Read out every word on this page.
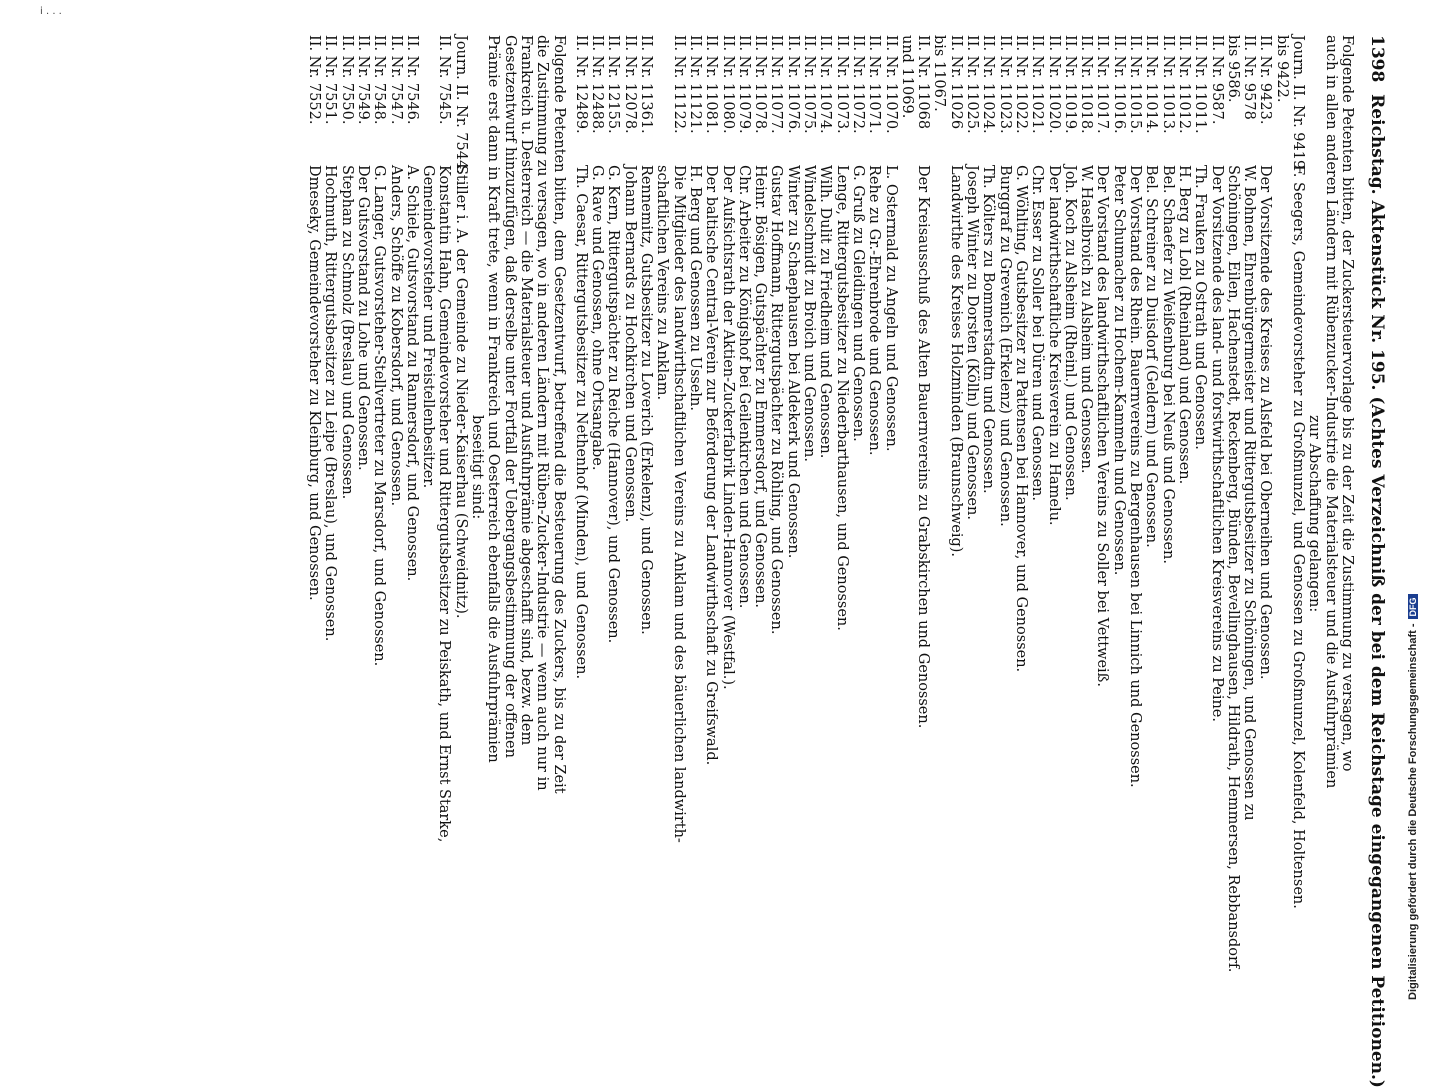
i . . .
1398  Reichstag. Aktenstück Nr. 195. (Achtes Verzeichniß der bei dem Reichstage eingegangenen Petitionen.)
Folgende Petenten bitten, der Zuckersteuervorlage bis zu der Zeit die Zustimmung zu versagen, wo
auch in allen anderen Ländern mit Rübenzucker-Industrie die Materialsteuer und die Ausfuhrprämien
zur Abschaffung gelangen:
Journ. II. Nr. 9419F. Seegers, Gemeindevorsteher zu Großmunzel, und Genossen zu Großmunzel, Kolenfeld, Holtensen.
bis 9422.
II. Nr. 9423.Der Vorsitzende des Kreises zu Alsfeld bei Oberneihen und Genossen.
II. Nr. 9578W. Bohnen, Ehrenbürgermeister und Rittergutsbesitzer zu Schöningen, und Genossen zu
bis 9586.Schöningen, Eilen, Hachenstedt, Reckenberg, Bünden, Bevellinghausen, Hildrath, Hemmersen, Rebbansdorf.
II. Nr. 9587.Der Vorsitzende des land- und forstwirthschaftlichen Kreisvereins zu Peine.
II. Nr. 11011.Th. Frauken zu Ostrath und Genossen.
II. Nr. 11012.H. Berg zu Lobl (Rheinland) und Genossen.
II. Nr. 11013.Bel. Schaefer zu Weißenburg bei Neuß und Genossen.
II. Nr. 11014.Bel. Schreiner zu Duisdorf (Geldern) und Genossen.
II. Nr. 11015.Der Vorstand des Rhein. Bauernvereins zu Bergenhausen bei Linnich und Genossen.
II. Nr. 11016.Peter Schumacher zu Hochem-Kammeln und Genossen.
II. Nr. 11017.Der Vorstand des landwirthschaftlichen Vereins zu Soller bei Vettweiß.
II. Nr. 11018.W. Haselbroich zu Alsheim und Genossen.
II. Nr. 11019.Joh. Koch zu Alsheim (Rheinl.) und Genossen.
II. Nr. 11020.Der landwirthschaftliche Kreisverein zu Hamelu.
II. Nr. 11021.Chr. Esser zu Soller bei Düren und Genossen.
II. Nr. 11022.G. Wöhlting, Gutsbesitzer zu Pattensen bei Hannover, und Genossen.
II. Nr. 11023.Burggraf zu Grevenich (Erkelenz) und Genossen.
II. Nr. 11024.Th. Költers zu Bommerstadtn und Genossen.
II. Nr. 11025.Joseph Winter zu Dorsten (Kölln) und Genossen.
II. Nr. 11026Landwirthe des Kreises Holzminden (Braunschweig).
bis 11067.
II. Nr. 11068Der Kreisausschuß des Alten Bauernvereins zu Grabskirchen und Genossen.
und 11069.
II. Nr. 11070.L. Ostermald zu Angeln und Genossen.
II. Nr. 11071.Rehe zu Gr.-Ehrenbrode und Genossen.
II. Nr. 11072.G. Gruß zu Gleidingen und Genossen.
II. Nr. 11073.Lenge, Rittergutsbesitzer zu Niederbarthausen, und Genossen.
II. Nr. 11074.Wilh. Dulit zu Friedheim und Genossen.
II. Nr. 11075.Windelschmidt zu Broich und Genossen.
II. Nr. 11076.Winter zu Schaephausen bei Aldekerk und Genossen.
II. Nr. 11077.Gustav Hoffmann, Rittergutspächter zu Röhling, und Genossen.
II. Nr. 11078.Heinr. Bösigen, Gutspächter zu Emmersdorf, und Genossen.
II. Nr. 11079.Chr. Arbeiter zu Königshof bei Geilenkirchen und Genossen.
II. Nr. 11080.Der Aufsichtsrath der Aktien-Zuckerfabrik Linden-Hannover (Westfal.).
II. Nr. 11081.Der baltische Central-Verein zur Beförderung der Landwirthschaft zu Greifswald.
II. Nr. 11121.H. Berg und Genossen zu Usseln.
II. Nr. 11122.Die Mitglieder des landwirthschaftlichen Vereins zu Anklam und des bäuerlichen landwirth-
schaftlichen Vereins zu Anklam.
II. Nr. 11361.Rennemitz, Gutsbesitzer zu Loverich (Erkelenz), und Genossen.
II. Nr. 12078.Johann Bernards zu Hochkirchen und Genossen.
II. Nr. 12155.G. Kern, Rittergutspächter zu Reiche (Hannover), und Genossen.
II. Nr. 12488.G. Rave und Genossen, ohne Ortsangabe.
II. Nr. 12489.Th. Caesar, Rittergutsbesitzer zu Nethenhof (Minden), und Genossen.
Folgende Petenten bitten, dem Gesetzentwurf, betreffend die Besteuerung des Zuckers, bis zu der Zeit
die Zustimmung zu versagen, wo in anderen Ländern mit Rüben-Zucker-Industrie — wenn auch nur in
Frankreich u. Desterreich — die Materialsteuer und Ausfuhrprämie abgeschafft sind, bezw. dem
Gesetzentwurf hinzuzufügen, daß derselbe unter Fortfall der Uebergangsbestimmung der offenen
Prämie erst dann in Kraft trete, wenn in Frankreich und Oesterreich ebenfalls die Ausfuhrprämien
beseitigt sind:
Journ. II. Nr. 7544.Stiller i. A. der Gemeinde zu Nieder-Kaiserhau (Schweidnitz).
II. Nr. 7545.Konstantin Hahn, Gemeindevorsteher und Rittergutsbesitzer zu Peiskath, und Ernst Starke,
Gemeindevorsteher und Freistellenbesitzer.
II. Nr. 7546.A. Schiele, Gutsvorstand zu Rannersdorf, und Genossen.
II. Nr. 7547.Anders, Schöffe zu Kobersdorf, und Genossen.
II. Nr. 7548.G. Langer, Gutsvorsteher-Stellvertreter zu Marsdorf, und Genossen.
II. Nr. 7549.Der Gutsvorstand zu Lohe und Genossen.
II. Nr. 7550.Stephan zu Schmolz (Breslau) und Genossen.
II. Nr. 7551.Hochmuth, Rittergutsbesitzer zu Leipe (Breslau), und Genossen.
II. Nr. 7552.Dmeseky, Gemeindevorsteher zu Kleinburg, und Genossen.
Digitalisierung gefördert durch die Deutsche Forschungsgemeinschaft -DFG
